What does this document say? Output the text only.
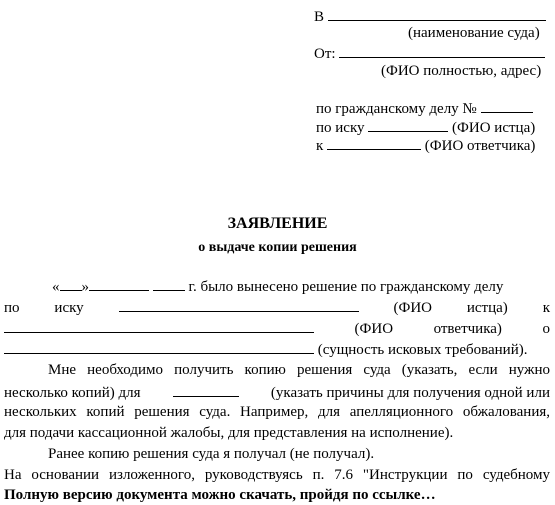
В
(наименование суда)
От:
(ФИО полностью, адрес)
по гражданскому делу №
по иску	(ФИО истца)
к	(ФИО ответчика)
ЗАЯВЛЕНИЕ
о выдаче копии решения
« »	г. было вынесено решение по гражданскому делу
по иску	(ФИО истца) к
(ФИО	ответчика)	о
(сущность исковых требований).
Мне необходимо получить копию решения суда (указать, если нужно
несколько копий) для	(указать причины для получения одной или
нескольких копий решения суда. Например, для апелляционного обжалования,
для подачи кассационной жалобы, для представления на исполнение).
Ранее копию решения суда я получал (не получал).
На основании изложенного, руководствуясь п. 7.6 "Инструкции по судебному
Полную версию документа можно скачать, пройдя по ссылке…
